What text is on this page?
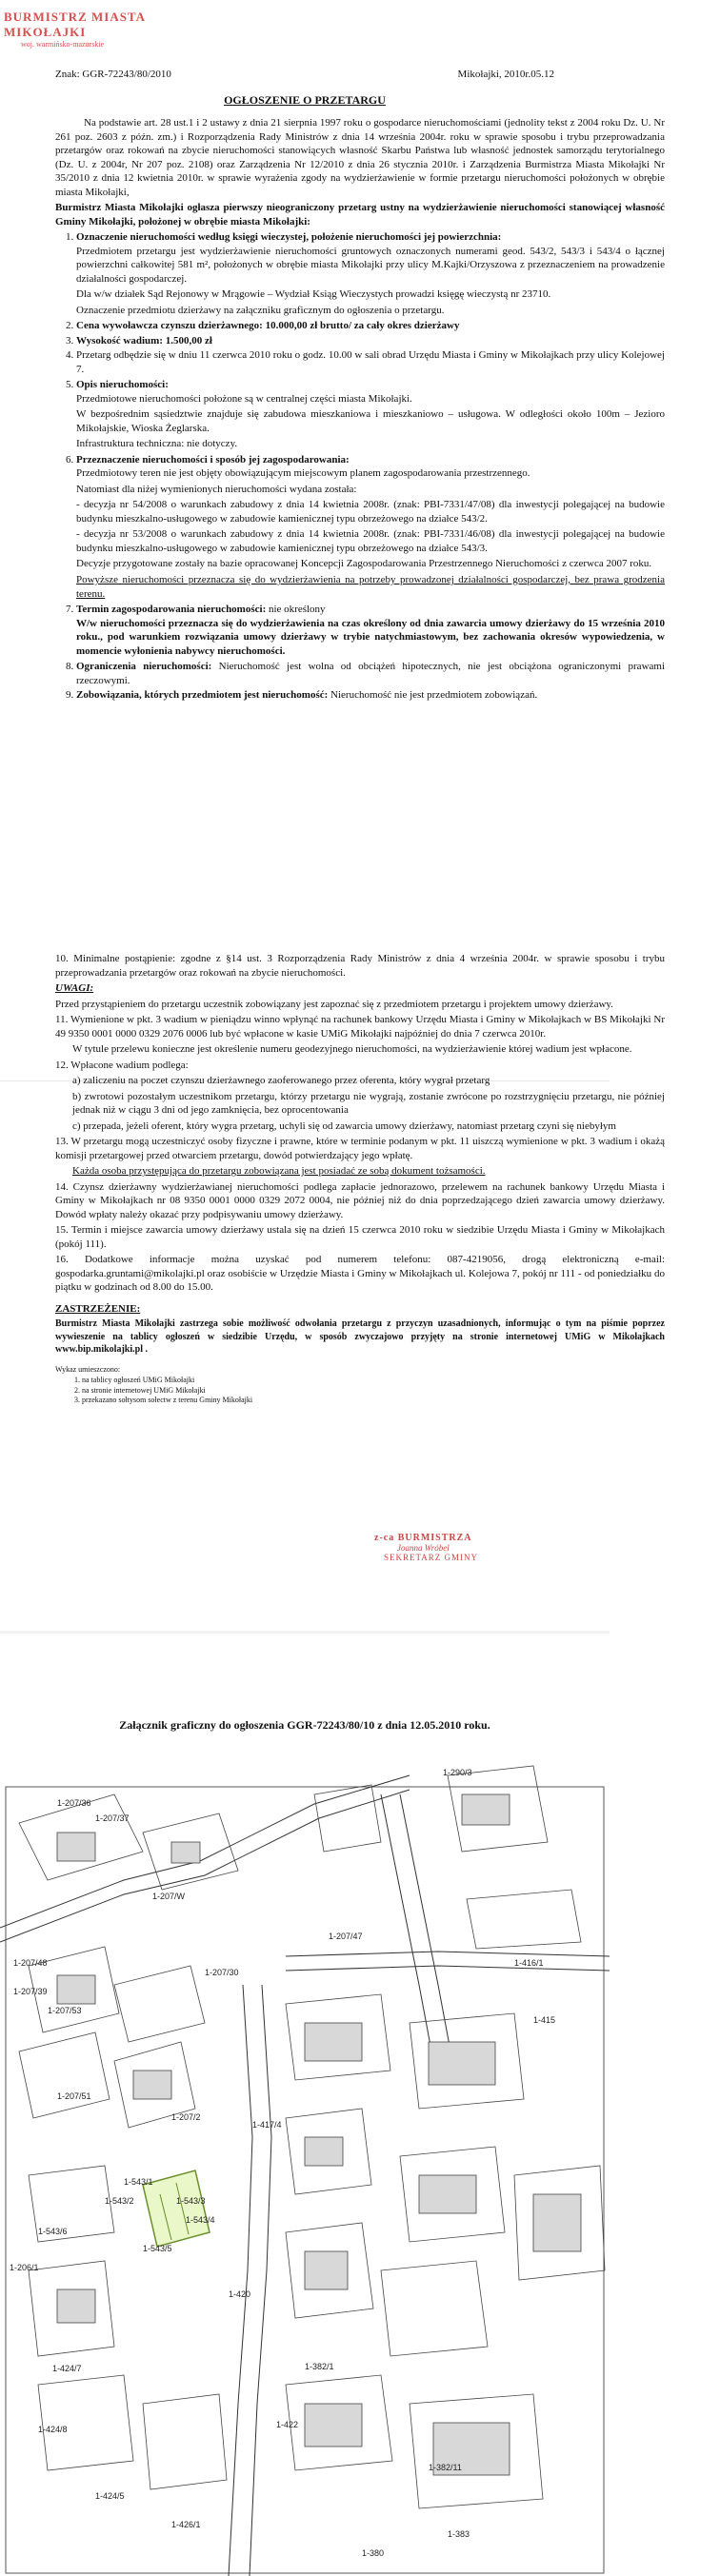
BURMISTRZ MIASTA MIKOŁAJKI
woj. warmińsko-mazurskie
Znak: GGR-72243/80/2010	Mikołajki, 2010r.05.12
OGŁOSZENIE O PRZETARGU

Na podstawie art. 28 ust.1 i 2 ustawy z dnia 21 sierpnia 1997 roku o gospodarce nieruchomościami (jednolity tekst z 2004 roku Dz. U. Nr 261 poz. 2603 z późn. zm.) i Rozporządzenia Rady Ministrów z dnia 14 września 2004r. roku w sprawie sposobu i trybu przeprowadzania przetargów oraz rokowań na zbycie nieruchomości stanowiących własność Skarbu Państwa lub własność jednostek samorządu terytorialnego (Dz. U. z 2004r, Nr 207 poz. 2108) oraz Zarządzenia Nr 12/2010 z dnia 26 stycznia 2010r. i Zarządzenia Burmistrza Miasta Mikołajki Nr 35/2010 z dnia 12 kwietnia 2010r. w sprawie wyrażenia zgody na wydzierżawienie w formie przetargu nieruchomości położonych w obrębie miasta Mikołajki,

Burmistrz Miasta Mikołajki ogłasza pierwszy nieograniczony przetarg ustny na wydzierżawienie nieruchomości stanowiącej własność Gminy Mikołajki, położonej w obrębie miasta Mikołajki:

1. Oznaczenie nieruchomości według księgi wieczystej, położenie nieruchomości jej powierzchnia:

Przedmiotem przetargu jest wydzierżawienie nieruchomości gruntowych oznaczonych numerami geod. 543/2, 543/3 i 543/4 o łącznej powierzchni całkowitej 581 m², położonych w obrębie miasta Mikołajki przy ulicy M.Kajki/Orzyszowa z przeznaczeniem na prowadzenie działalności gospodarczej.

Dla w/w działek Sąd Rejonowy w Mrągowie – Wydział Ksiąg Wieczystych prowadzi księgę wieczystą nr 23710.

Oznaczenie przedmiotu dzierżawy na załączniku graficznym do ogłoszenia o przetargu.

2. Cena wywoławcza czynszu dzierżawnego: 10.000,00 zł brutto/ za cały okres dzierżawy
3. Wysokość wadium: 1.500,00 zł

4. Przetarg odbędzie się w dniu 11 czerwca 2010 roku o godz. 10.00 w sali obrad Urzędu Miasta i Gminy w Mikołajkach przy ulicy Kolejowej 7.

5. Opis nieruchomości:

Przedmiotowe nieruchomości położone są w centralnej części miasta Mikołajki.

W bezpośrednim sąsiedztwie znajduje się zabudowa mieszkaniowa i mieszkaniowo – usługowa. W odległości około 100m – Jezioro Mikołajskie, Wioska Żeglarska.

Infrastruktura techniczna: nie dotyczy.

6. Przeznaczenie nieruchomości i sposób jej zagospodarowania:

Przedmiotowy teren nie jest objęty obowiązującym miejscowym planem zagospodarowania przestrzennego.

Natomiast dla niżej wymienionych nieruchomości wydana została:

- decyzja nr 54/2008 o warunkach zabudowy z dnia 14 kwietnia 2008r. (znak: PBI-7331/47/08) dla inwestycji polegającej na budowie budynku mieszkalno-usługowego w zabudowie kamienicznej typu obrzeżowego na działce 543/2.

- decyzja nr 53/2008 o warunkach zabudowy z dnia 14 kwietnia 2008r. (znak: PBI-7331/46/08) dla inwestycji polegającej na budowie budynku mieszkalno-usługowego w zabudowie kamienicznej typu obrzeżowego na działce 543/3.

Decyzje przygotowane zostały na bazie opracowanej Koncepcji Zagospodarowania Przestrzennego Nieruchomości z czerwca 2007 roku.

Powyższe nieruchomości przeznacza się do wydzierżawienia na potrzeby prowadzonej działalności gospodarczej, bez prawa grodzenia terenu.

7. Termin zagospodarowania nieruchomości: nie określony

W/w nieruchomości przeznacza się do wydzierżawienia na czas określony od dnia zawarcia umowy dzierżawy do 15 września 2010 roku., pod warunkiem rozwiązania umowy dzierżawy w trybie natychmiastowym, bez zachowania okresów wypowiedzenia, w momencie wyłonienia nabywcy nieruchomości.

8. Ograniczenia nieruchomości: Nieruchomość jest wolna od obciążeń hipotecznych, nie jest obciążona ograniczonymi prawami rzeczowymi.
9. Zobowiązania, których przedmiotem jest nieruchomość: Nieruchomość nie jest przedmiotem zobowiązań.

10. Minimalne postąpienie: zgodne z §14 ust. 3 Rozporządzenia Rady Ministrów z dnia 4 września 2004r. w sprawie sposobu i trybu przeprowadzania przetargów oraz rokowań na zbycie nieruchomości.

UWAGI:

Przed przystąpieniem do przetargu uczestnik zobowiązany jest zapoznać się z przedmiotem przetargu i projektem umowy dzierżawy.

11. Wymienione w pkt. 3 wadium w pieniądzu winno wpłynąć na rachunek bankowy Urzędu Miasta i Gminy w Mikołajkach w BS Mikołajki Nr 49 9350 0001 0000 0329 2076 0006 lub być wpłacone w kasie UMiG Mikołajki najpóźniej do dnia 7 czerwca 2010r.

W tytule przelewu konieczne jest określenie numeru geodezyjnego nieruchomości, na wydzierżawienie której wadium jest wpłacone.

12. Wpłacone wadium podlega:

a) zaliczeniu na poczet czynszu dzierżawnego zaoferowanego przez oferenta, który wygrał przetarg

b) zwrotowi pozostałym uczestnikom przetargu, którzy przetargu nie wygrają, zostanie zwrócone po rozstrzygnięciu przetargu, nie później jednak niż w ciągu 3 dni od jego zamknięcia, bez oprocentowania

c) przepada, jeżeli oferent, który wygra przetarg, uchyli się od zawarcia umowy dzierżawy, natomiast przetarg czyni się niebyłym

13. W przetargu mogą uczestniczyć osoby fizyczne i prawne, które w terminie podanym w pkt. 11 uiszczą wymienione w pkt. 3 wadium i okażą komisji przetargowej przed otwarciem przetargu, dowód potwierdzający jego wpłatę.

Każda osoba przystępująca do przetargu zobowiązana jest posiadać ze sobą dokument tożsamości.

14. Czynsz dzierżawny wydzierżawianej nieruchomości podlega zapłacie jednorazowo, przelewem na rachunek bankowy Urzędu Miasta i Gminy w Mikołajkach nr 08 9350 0001 0000 0329 2072 0004, nie później niż do dnia poprzedzającego dzień zawarcia umowy dzierżawy. Dowód wpłaty należy okazać przy podpisywaniu umowy dzierżawy.

15. Termin i miejsce zawarcia umowy dzierżawy ustala się na dzień 15 czerwca 2010 roku w siedzibie Urzędu Miasta i Gminy w Mikołajkach (pokój 111).

16. Dodatkowe informacje można uzyskać pod numerem telefonu: 087-4219056, drogą elektroniczną e-mail: gospodarka.gruntami@mikolajki.pl oraz osobiście w Urzędzie Miasta i Gminy w Mikołajkach ul. Kolejowa 7, pokój nr 111 - od poniedziałku do piątku w godzinach od 8.00 do 15.00.

ZASTRZEŻENIE:

Burmistrz Miasta Mikołajki zastrzega sobie możliwość odwołania przetargu z przyczyn uzasadnionych, informując o tym na piśmie poprzez wywieszenie na tablicy ogłoszeń w siedzibie Urzędu, w sposób zwyczajowo przyjęty na stronie internetowej UMiG w Mikołajkach www.bip.mikolajki.pl .

Wykaz umieszczono:
1. na tablicy ogłoszeń UMiG Mikołajki
2. na stronie internetowej UMiG Mikołajki
3. przekazano sołtysom sołectw z terenu Gminy Mikołajki
z-ca BURMISTRZA
Joanna Wróbel
SEKRETARZ GMINY
Załącznik graficzny do ogłoszenia GGR-72243/80/10 z dnia 12.05.2010 roku.
1-207/36
1-207/37
1-290/3
1-207/W
1-207/48
1-207/47
1-207/39
1-207/53
1-207/30
1-416/1
1-415
1-207/51
1-207/2
1-417/4
1-543/1
1-543/2	1-543/3
1-543/4
1-543/5
1-206/1
1-543/6
1-420
1-424/7
1-424/8
1-382/1
1-422
1-424/5
1-426/1
1-382/11
1-383
1-380
